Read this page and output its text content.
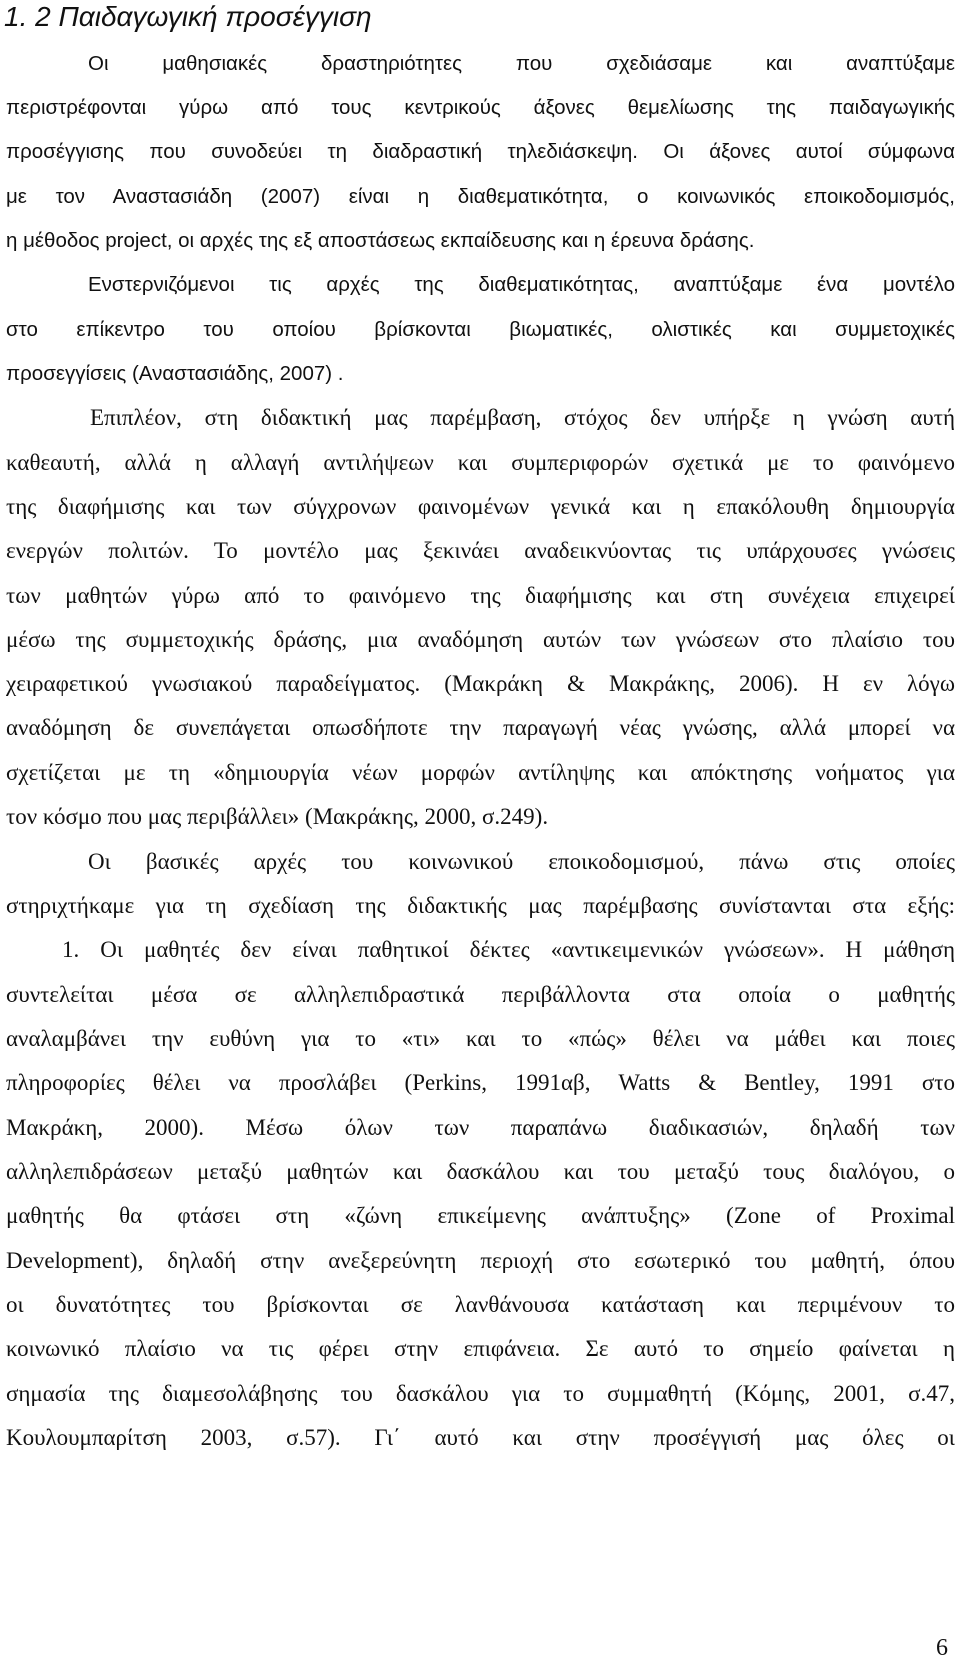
1. 2 Παιδαγωγική προσέγγιση
Οι μαθησιακές δραστηριότητες που σχεδιάσαμε και αναπτύξαμε
περιστρέφονται γύρω από τους κεντρικούς άξονες θεμελίωσης της παιδαγωγικής
προσέγγισης που συνοδεύει τη διαδραστική τηλεδιάσκεψη. Οι άξονες αυτοί σύμφωνα
με τον Αναστασιάδη (2007) είναι η διαθεματικότητα, ο κοινωνικός εποικοδομισμός,
η μέθοδος project, οι αρχές της εξ αποστάσεως εκπαίδευσης και η έρευνα δράσης.
Ενστερνιζόμενοι τις αρχές της διαθεματικότητας, αναπτύξαμε ένα μοντέλο
στο επίκεντρο του οποίου βρίσκονται βιωματικές, ολιστικές και συμμετοχικές
προσεγγίσεις (Αναστασιάδης, 2007) .
Επιπλέον, στη διδακτική μας παρέμβαση, στόχος δεν υπήρξε η γνώση αυτή
καθεαυτή, αλλά η αλλαγή αντιλήψεων και συμπεριφορών σχετικά με το φαινόμενο
της διαφήμισης και των σύγχρονων φαινομένων γενικά και η επακόλουθη δημιουργία
ενεργών πολιτών. Το μοντέλο μας ξεκινάει αναδεικνύοντας τις υπάρχουσες γνώσεις
των μαθητών γύρω από το φαινόμενο της διαφήμισης και στη συνέχεια επιχειρεί
μέσω της συμμετοχικής δράσης, μια αναδόμηση αυτών των γνώσεων στο πλαίσιο του
χειραφετικού γνωσιακού παραδείγματος. (Μακράκη & Μακράκης, 2006). Η εν λόγω
αναδόμηση δε συνεπάγεται οπωσδήποτε την παραγωγή νέας γνώσης, αλλά μπορεί να
σχετίζεται με τη «δημιουργία νέων μορφών αντίληψης και απόκτησης νοήματος για
τον κόσμο που μας περιβάλλει» (Μακράκης, 2000, σ.249).
Οι βασικές αρχές του κοινωνικού εποικοδομισμού, πάνω στις οποίες
στηριχτήκαμε για τη σχεδίαση της διδακτικής μας παρέμβασης συνίστανται στα εξής:
1. Οι μαθητές δεν είναι παθητικοί δέκτες «αντικειμενικών γνώσεων». Η μάθηση
συντελείται μέσα σε αλληλεπιδραστικά περιβάλλοντα στα οποία ο μαθητής
αναλαμβάνει την ευθύνη για το «τι» και το «πώς» θέλει να μάθει και ποιες
πληροφορίες θέλει να προσλάβει (Perkins, 1991αβ, Watts & Bentley, 1991 στο
Μακράκη, 2000). Μέσω όλων των παραπάνω διαδικασιών, δηλαδή των
αλληλεπιδράσεων μεταξύ μαθητών και δασκάλου και του μεταξύ τους διαλόγου, ο
μαθητής θα φτάσει στη «ζώνη επικείμενης ανάπτυξης» (Zone of Proximal
Development), δηλαδή στην ανεξερεύνητη περιοχή στο εσωτερικό του μαθητή, όπου
οι δυνατότητες του βρίσκονται σε λανθάνουσα κατάσταση και περιμένουν το
κοινωνικό πλαίσιο να τις φέρει στην επιφάνεια. Σε αυτό το σημείο φαίνεται η
σημασία της διαμεσολάβησης του δασκάλου για το συμμαθητή (Κόμης, 2001, σ.47,
Κουλουμπαρίτση 2003, σ.57). Γι΄ αυτό και στην προσέγγισή μας όλες οι
6
